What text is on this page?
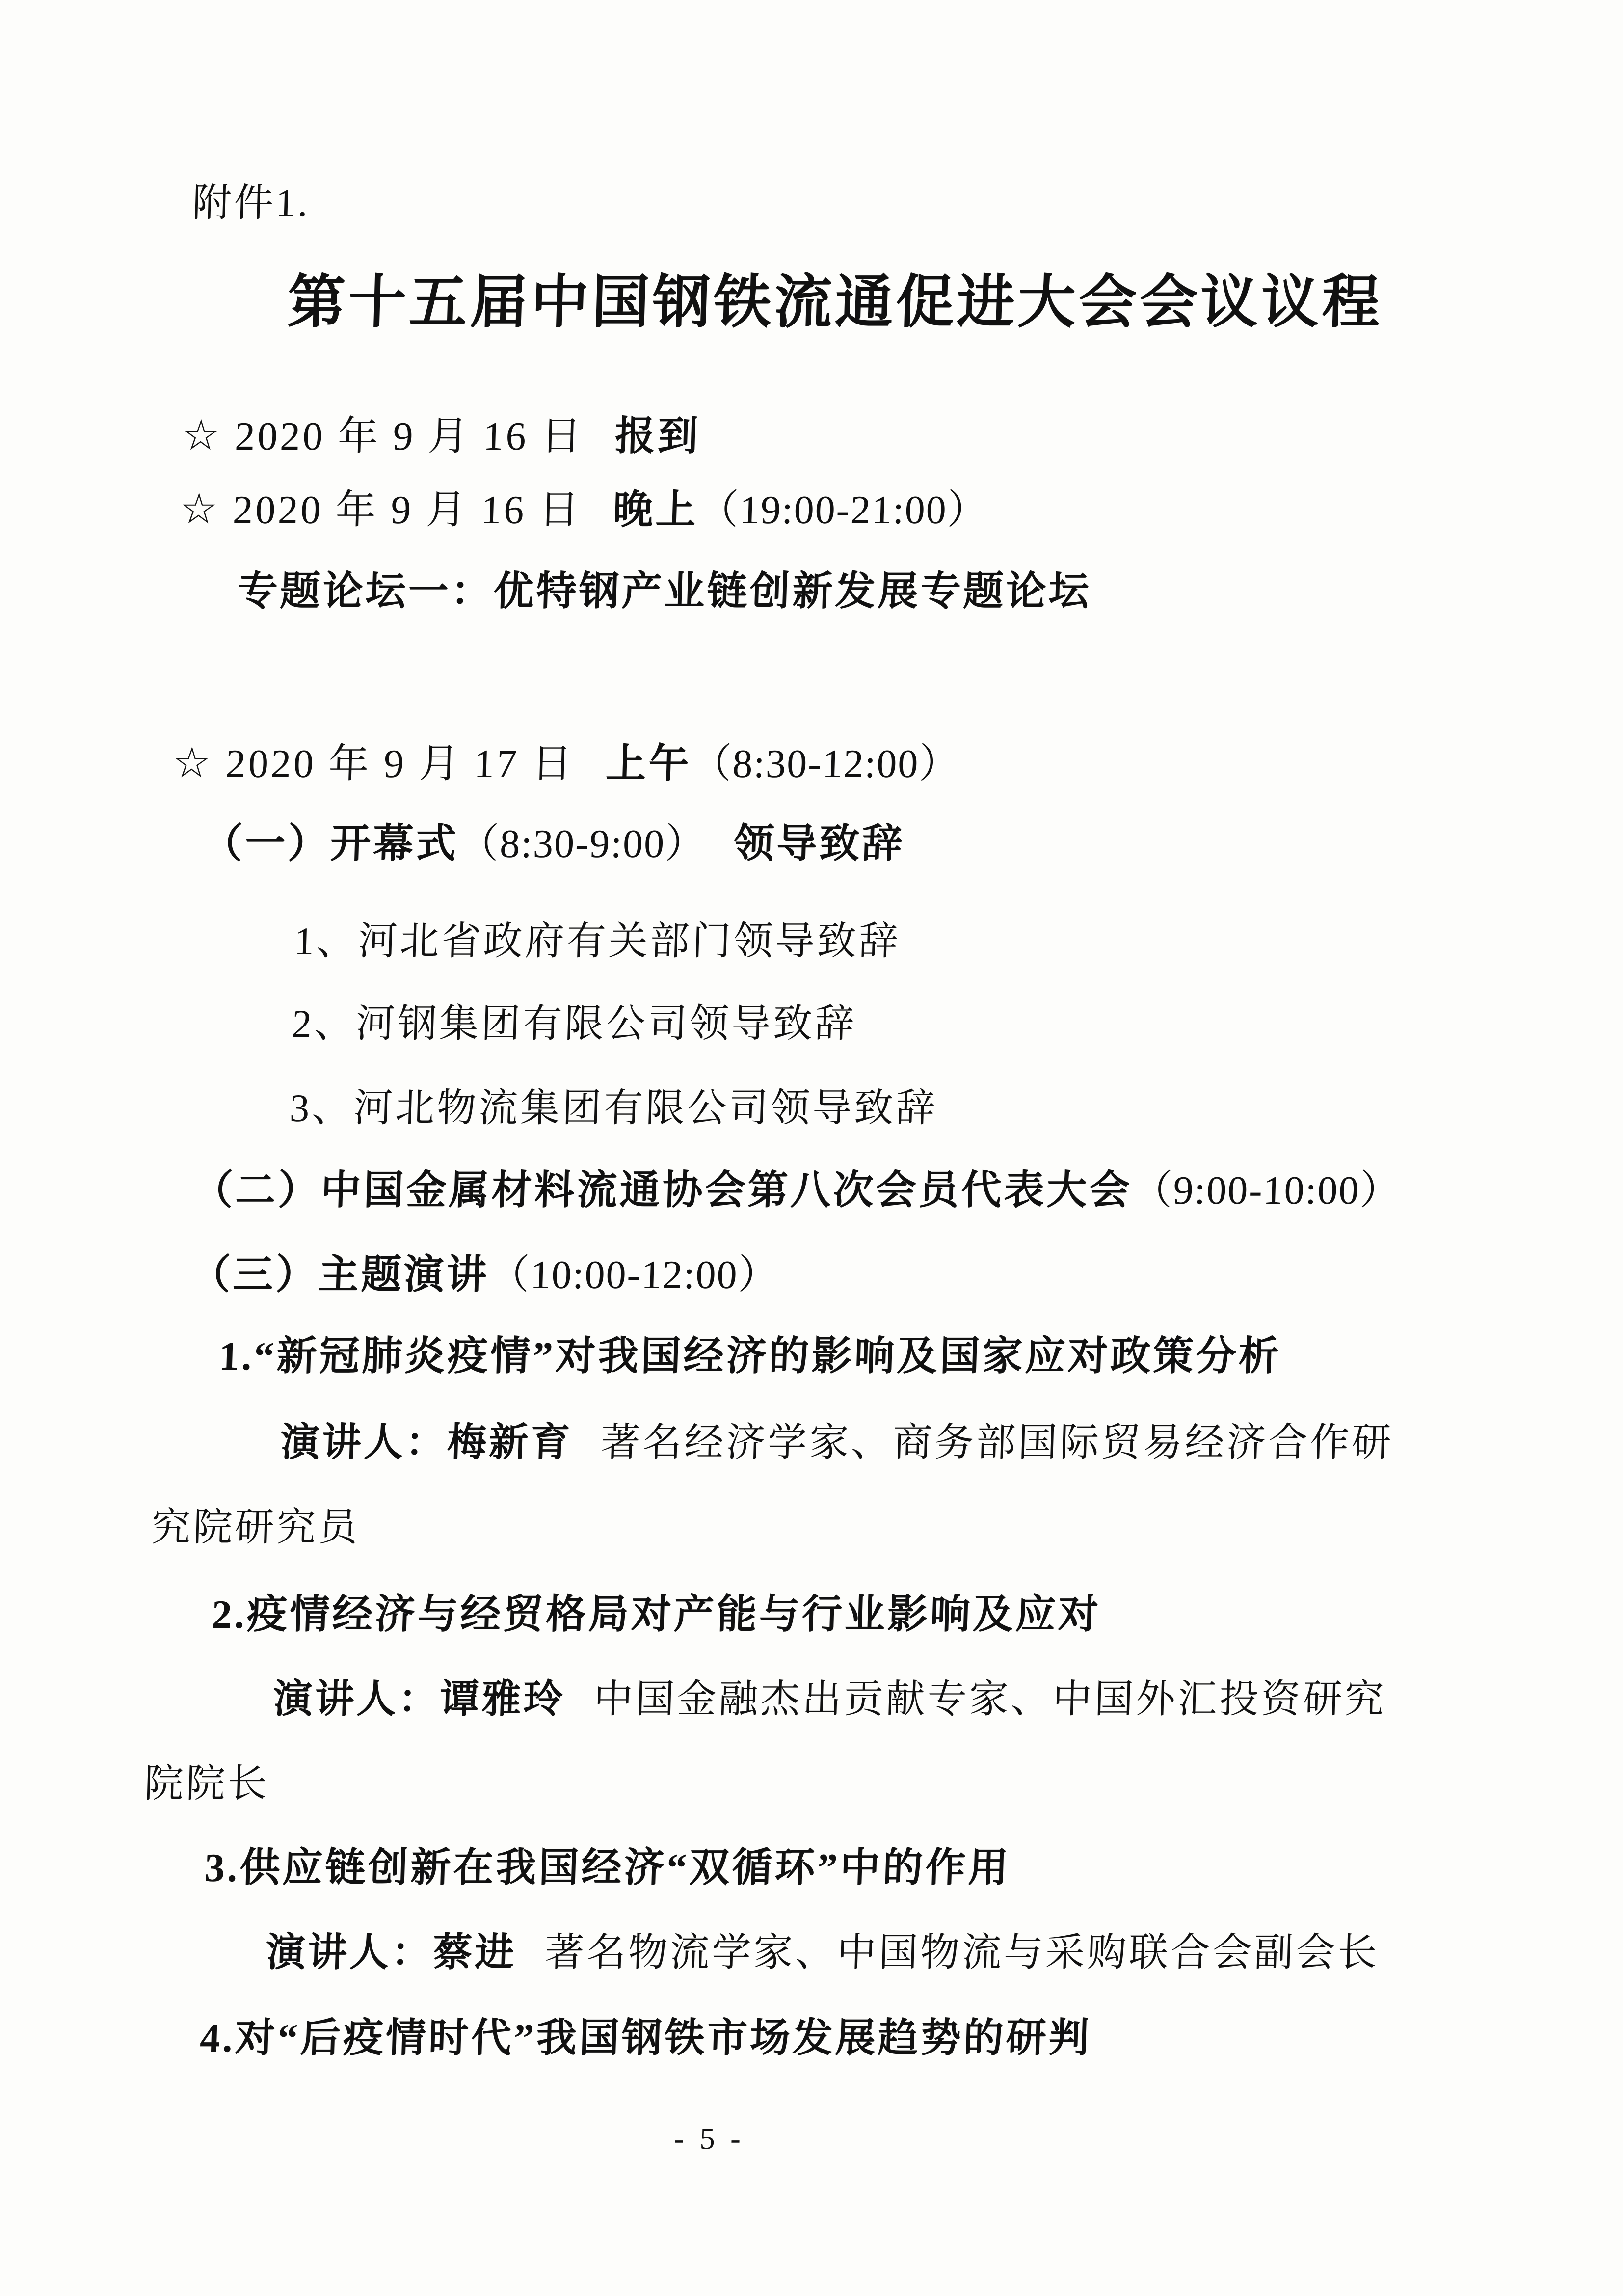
附件1.
第十五届中国钢铁流通促进大会会议议程
☆ 2020 年 9 月 16 日 报到
☆ 2020 年 9 月 16 日 晚上（19:00-21:00）
专题论坛一：优特钢产业链创新发展专题论坛
☆ 2020 年 9 月 17 日 上午（8:30-12:00）
（一）开幕式（8:30-9:00） 领导致辞
1、河北省政府有关部门领导致辞
2、河钢集团有限公司领导致辞
3、河北物流集团有限公司领导致辞
（二）中国金属材料流通协会第八次会员代表大会（9:00-10:00）
（三）主题演讲（10:00-12:00）
1.“新冠肺炎疫情”对我国经济的影响及国家应对政策分析
演讲人：梅新育 著名经济学家、商务部国际贸易经济合作研
究院研究员
2.疫情经济与经贸格局对产能与行业影响及应对
演讲人：谭雅玲 中国金融杰出贡献专家、中国外汇投资研究
院院长
3.供应链创新在我国经济“双循环”中的作用
演讲人：蔡进 著名物流学家、中国物流与采购联合会副会长
4.对“后疫情时代”我国钢铁市场发展趋势的研判
- 5 -
